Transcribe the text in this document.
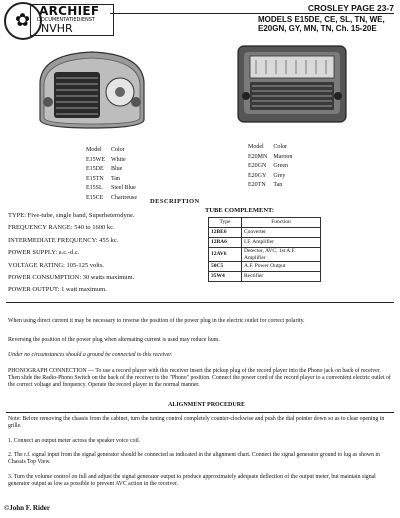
✿ ARCHIEF
DOCUMENTATIEDIENST
NVHR
CROSLEY PAGE 23-7
MODELS E15DE, CE, SL, TN, WE, E20GN, GY, MN, TN, Ch. 15-20E
Model	Color
E15WE	White
E15DE	Blue
E15TN	Tan
E15SL	Steel Blue
E15CE	Chartreuse
Model	Color
E20MN	Maroon
E20GN	Green
E20GY	Grey
E20TN	Tan
DESCRIPTION
TYPE: Five-tube, single band, Superheterodyne.
FREQUENCY RANGE: 540 to 1600 kc.
INTERMEDIATE FREQUENCY: 455 kc.
POWER SUPPLY: a.c.-d.c.
VOLTAGE RATING: 105-125 volts.
POWER CONSUMPTION: 30 watts maximum.
POWER OUTPUT: 1 watt maximum.
TUBE COMPLEMENT:
Type	Function
12BE6	Converter
12BA6	I.F. Amplifier
12AV6	Detector, AVC, 1st A.F. Amplifier
50C5	A.F. Power Output
35W4	Rectifier
When using direct current it may be necessary to reverse the position of the power plug in the electric outlet for correct polarity.
Reversing the position of the power plug when alternating current is used may reduce hum.
Under no circumstances should a ground be connected to this receiver.
PHONOGRAPH CONNECTION — To use a record player with this receiver insert the pickup plug of the record player into the Phono jack on back of receiver. Then slide the Radio-Phono Switch on the back of the receiver to the "Phono" position. Connect the power cord of the record player to a convenient electric outlet of the correct voltage and frequency. Operate the record player in the normal manner.
ALIGNMENT PROCEDURE
Note: Before removing the chassis from the cabinet, turn the tuning control completely counter-clockwise and push the dial pointer down so as to clear opening in grille.
1. Connect an output meter across the speaker voice coil.
2. The r.f. signal input from the signal generator should be connected as indicated in the alignment chart. Connect the signal generator ground to lug as shown in Chassis Top View.
3. Turn the volume control on full and adjust the signal generator output to produce approximately adequate deflection of the output meter, but maintain signal generator output as low as possible to prevent AVC action in the receiver.
©John F. Rider
